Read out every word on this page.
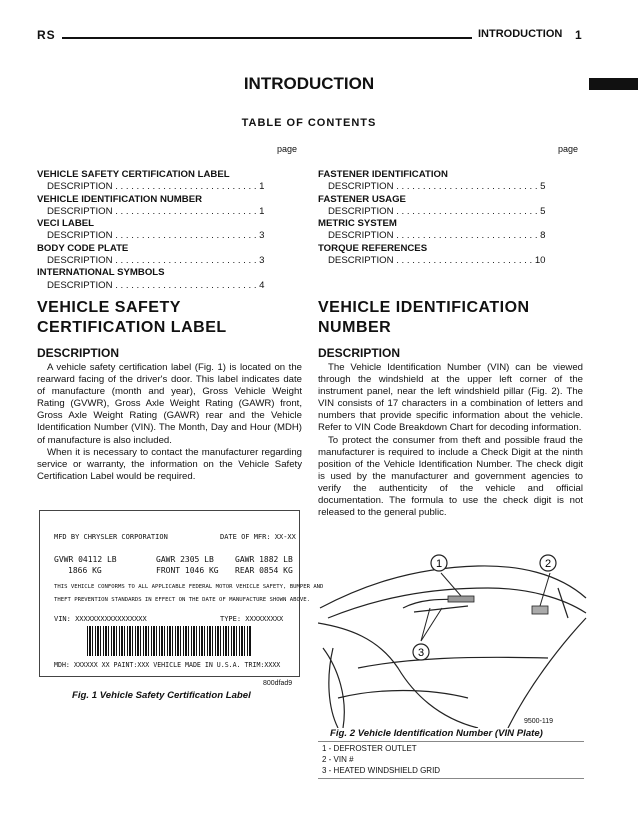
RS	INTRODUCTION 1
INTRODUCTION
TABLE OF CONTENTS
page	page
VEHICLE SAFETY CERTIFICATION LABEL
DESCRIPTION . . . . . . . . . . . . . . . . . . . . . . . . . . . 1
VEHICLE IDENTIFICATION NUMBER
DESCRIPTION . . . . . . . . . . . . . . . . . . . . . . . . . . . 1
VECI LABEL
DESCRIPTION . . . . . . . . . . . . . . . . . . . . . . . . . . . 3
BODY CODE PLATE
DESCRIPTION . . . . . . . . . . . . . . . . . . . . . . . . . . . 3
INTERNATIONAL SYMBOLS
DESCRIPTION . . . . . . . . . . . . . . . . . . . . . . . . . . . 4
FASTENER IDENTIFICATION
DESCRIPTION . . . . . . . . . . . . . . . . . . . . . . . . . . . 5
FASTENER USAGE
DESCRIPTION . . . . . . . . . . . . . . . . . . . . . . . . . . . 5
METRIC SYSTEM
DESCRIPTION . . . . . . . . . . . . . . . . . . . . . . . . . . . 8
TORQUE REFERENCES
DESCRIPTION . . . . . . . . . . . . . . . . . . . . . . . . . . 10
VEHICLE SAFETY
CERTIFICATION LABEL
DESCRIPTION

A vehicle safety certification label (Fig. 1) is located on the rearward facing of the driver's door. This label indicates date of manufacture (month and year), Gross Vehicle Weight Rating (GVWR), Gross Axle Weight Rating (GAWR) front, Gross Axle Weight Rating (GAWR) rear and the Vehicle Identification Number (VIN). The Month, Day and Hour (MDH) of manufacture is also included.

When it is necessary to contact the manufacturer regarding service or warranty, the information on the Vehicle Safety Certification Label would be required.

MFD BY CHRYSLER CORPORATION	DATE OF MFR: XX-XX
GVWR 04112 LB
1866 KG
GAWR 2305 LB
FRONT 1046 KG
GAWR 1882 LB
REAR 0854 KG
THIS VEHICLE CONFORMS TO ALL APPLICABLE FEDERAL MOTOR VEHICLE SAFETY, BUMPER AND
THEFT PREVENTION STANDARDS IN EFFECT ON THE DATE OF MANUFACTURE SHOWN ABOVE.
VIN: XXXXXXXXXXXXXXXXX	TYPE: XXXXXXXXX
MDH: XXXXXX XX PAINT:XXX VEHICLE MADE IN U.S.A. TRIM:XXXX
800dfad9
Fig. 1 Vehicle Safety Certification Label
VEHICLE IDENTIFICATION
NUMBER
DESCRIPTION

The Vehicle Identification Number (VIN) can be viewed through the windshield at the upper left corner of the instrument panel, near the left windshield pillar (Fig. 2). The VIN consists of 17 characters in a combination of letters and numbers that provide specific information about the vehicle. Refer to VIN Code Breakdown Chart for decoding information.

To protect the consumer from theft and possible fraud the manufacturer is required to include a Check Digit at the ninth position of the Vehicle Identification Number. The check digit is used by the manufacturer and government agencies to verify the authenticity of the vehicle and official documentation. The formula to use the check digit is not released to the general public.

1	2
3
9500-119
Fig. 2 Vehicle Identification Number (VIN Plate)
1 - DEFROSTER OUTLET
2 - VIN #
3 - HEATED WINDSHIELD GRID
